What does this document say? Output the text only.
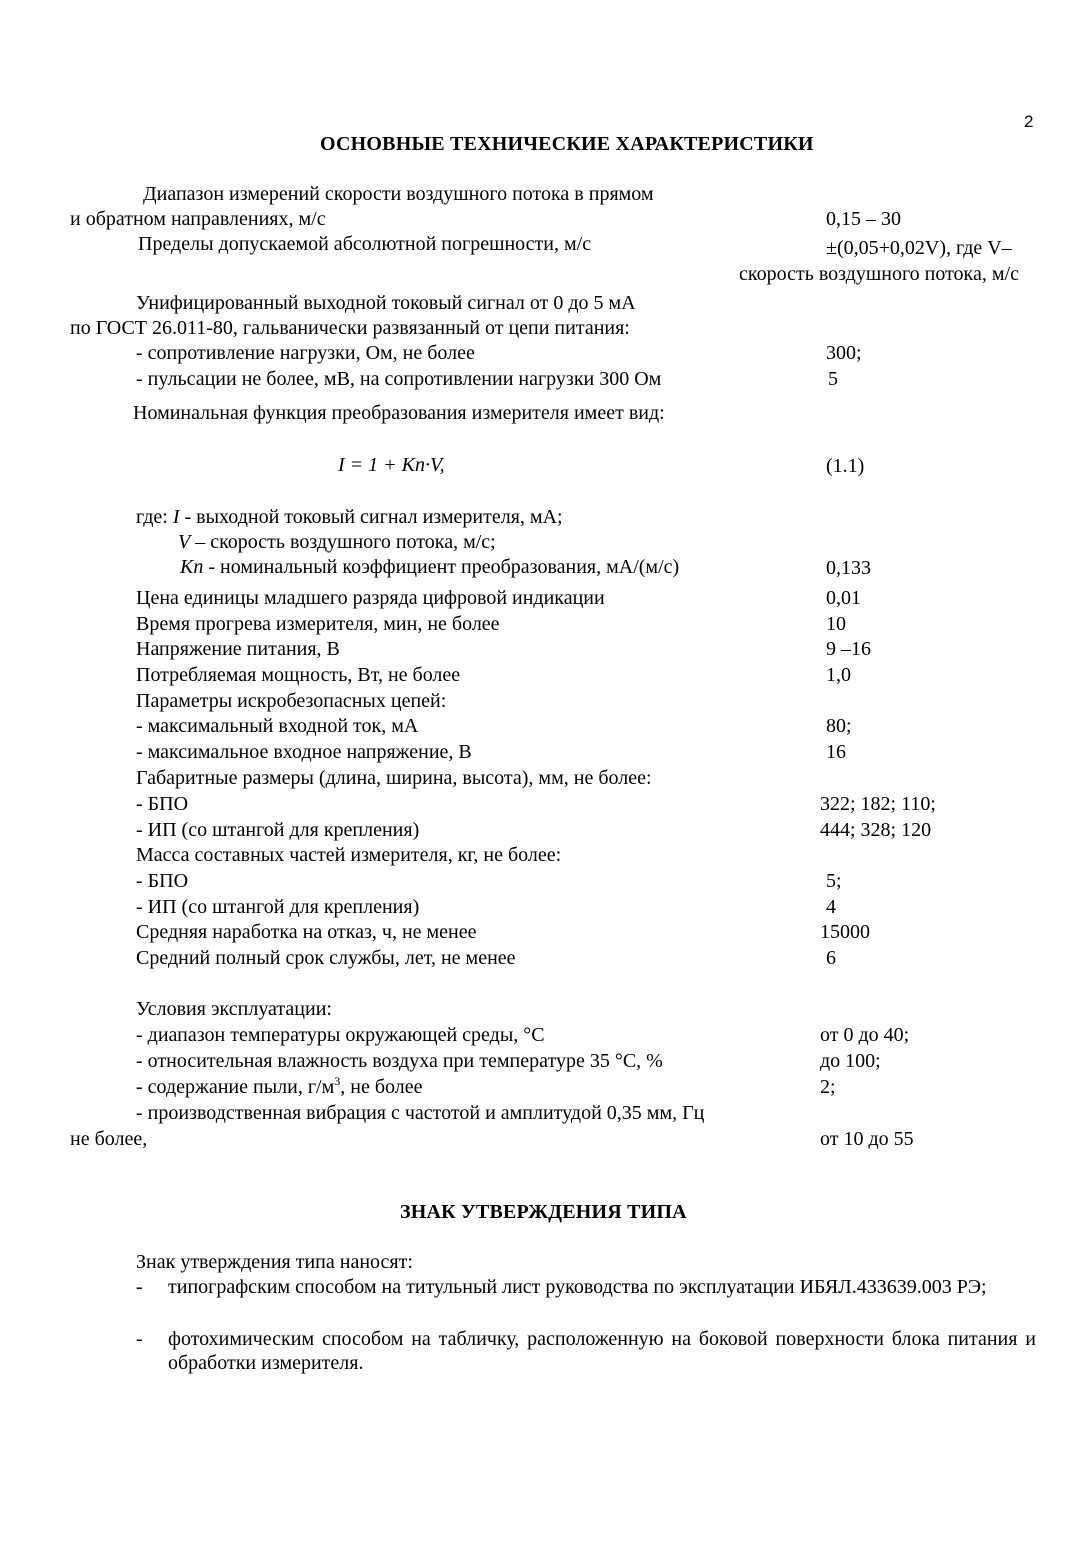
2
ОСНОВНЫЕ ТЕХНИЧЕСКИЕ ХАРАКТЕРИСТИКИ
Диапазон измерений скорости воздушного потока в прямом
и обратном направлениях, м/с	0,15 – 30
Пределы допускаемой абсолютной погрешности, м/с	±(0,05+0,02V), где V–
скорость воздушного потока, м/с
Унифицированный выходной токовый сигнал от 0 до 5 мА
по ГОСТ 26.011-80, гальванически развязанный от цепи питания:
- сопротивление нагрузки, Ом, не более	300;
- пульсации не более, мВ, на сопротивлении нагрузки 300 Ом	5
Номинальная функция преобразования измерителя имеет вид:
I = 1 + Kn·V,	(1.1)
где: I - выходной токовый сигнал измерителя, мА;
V – скорость воздушного потока, м/с;
Kn - номинальный коэффициент преобразования, мА/(м/с)	0,133
Цена единицы младшего разряда цифровой индикации	0,01
Время прогрева измерителя, мин, не более	10
Напряжение питания, В	9 –16
Потребляемая мощность, Вт, не более	1,0
Параметры искробезопасных цепей:
- максимальный входной ток, мА	80;
- максимальное входное напряжение, В	16
Габаритные размеры (длина, ширина, высота), мм, не более:
- БПО	322; 182; 110;
- ИП (со штангой для крепления)	444; 328; 120
Масса составных частей измерителя, кг, не более:
- БПО	5;
- ИП (со штангой для крепления)	4
Средняя наработка на отказ, ч, не менее	15000
Средний полный срок службы, лет, не менее	6
Условия эксплуатации:
- диапазон температуры окружающей среды, °С	от 0 до 40;
- относительная влажность воздуха при температуре 35 °С, %	до 100;
- содержание пыли, $г/м^3$, не более	2;
- производственная вибрация с частотой и амплитудой 0,35 мм, Гц
не более,	от 10 до 55
ЗНАК УТВЕРЖДЕНИЯ ТИПА
Знак утверждения типа наносят:
- типографским способом на титульный лист руководства по эксплуатации ИБЯЛ.433639.003 РЭ;
- фотохимическим способом на табличку, расположенную на боковой поверхности блока питания и обработки измерителя.
